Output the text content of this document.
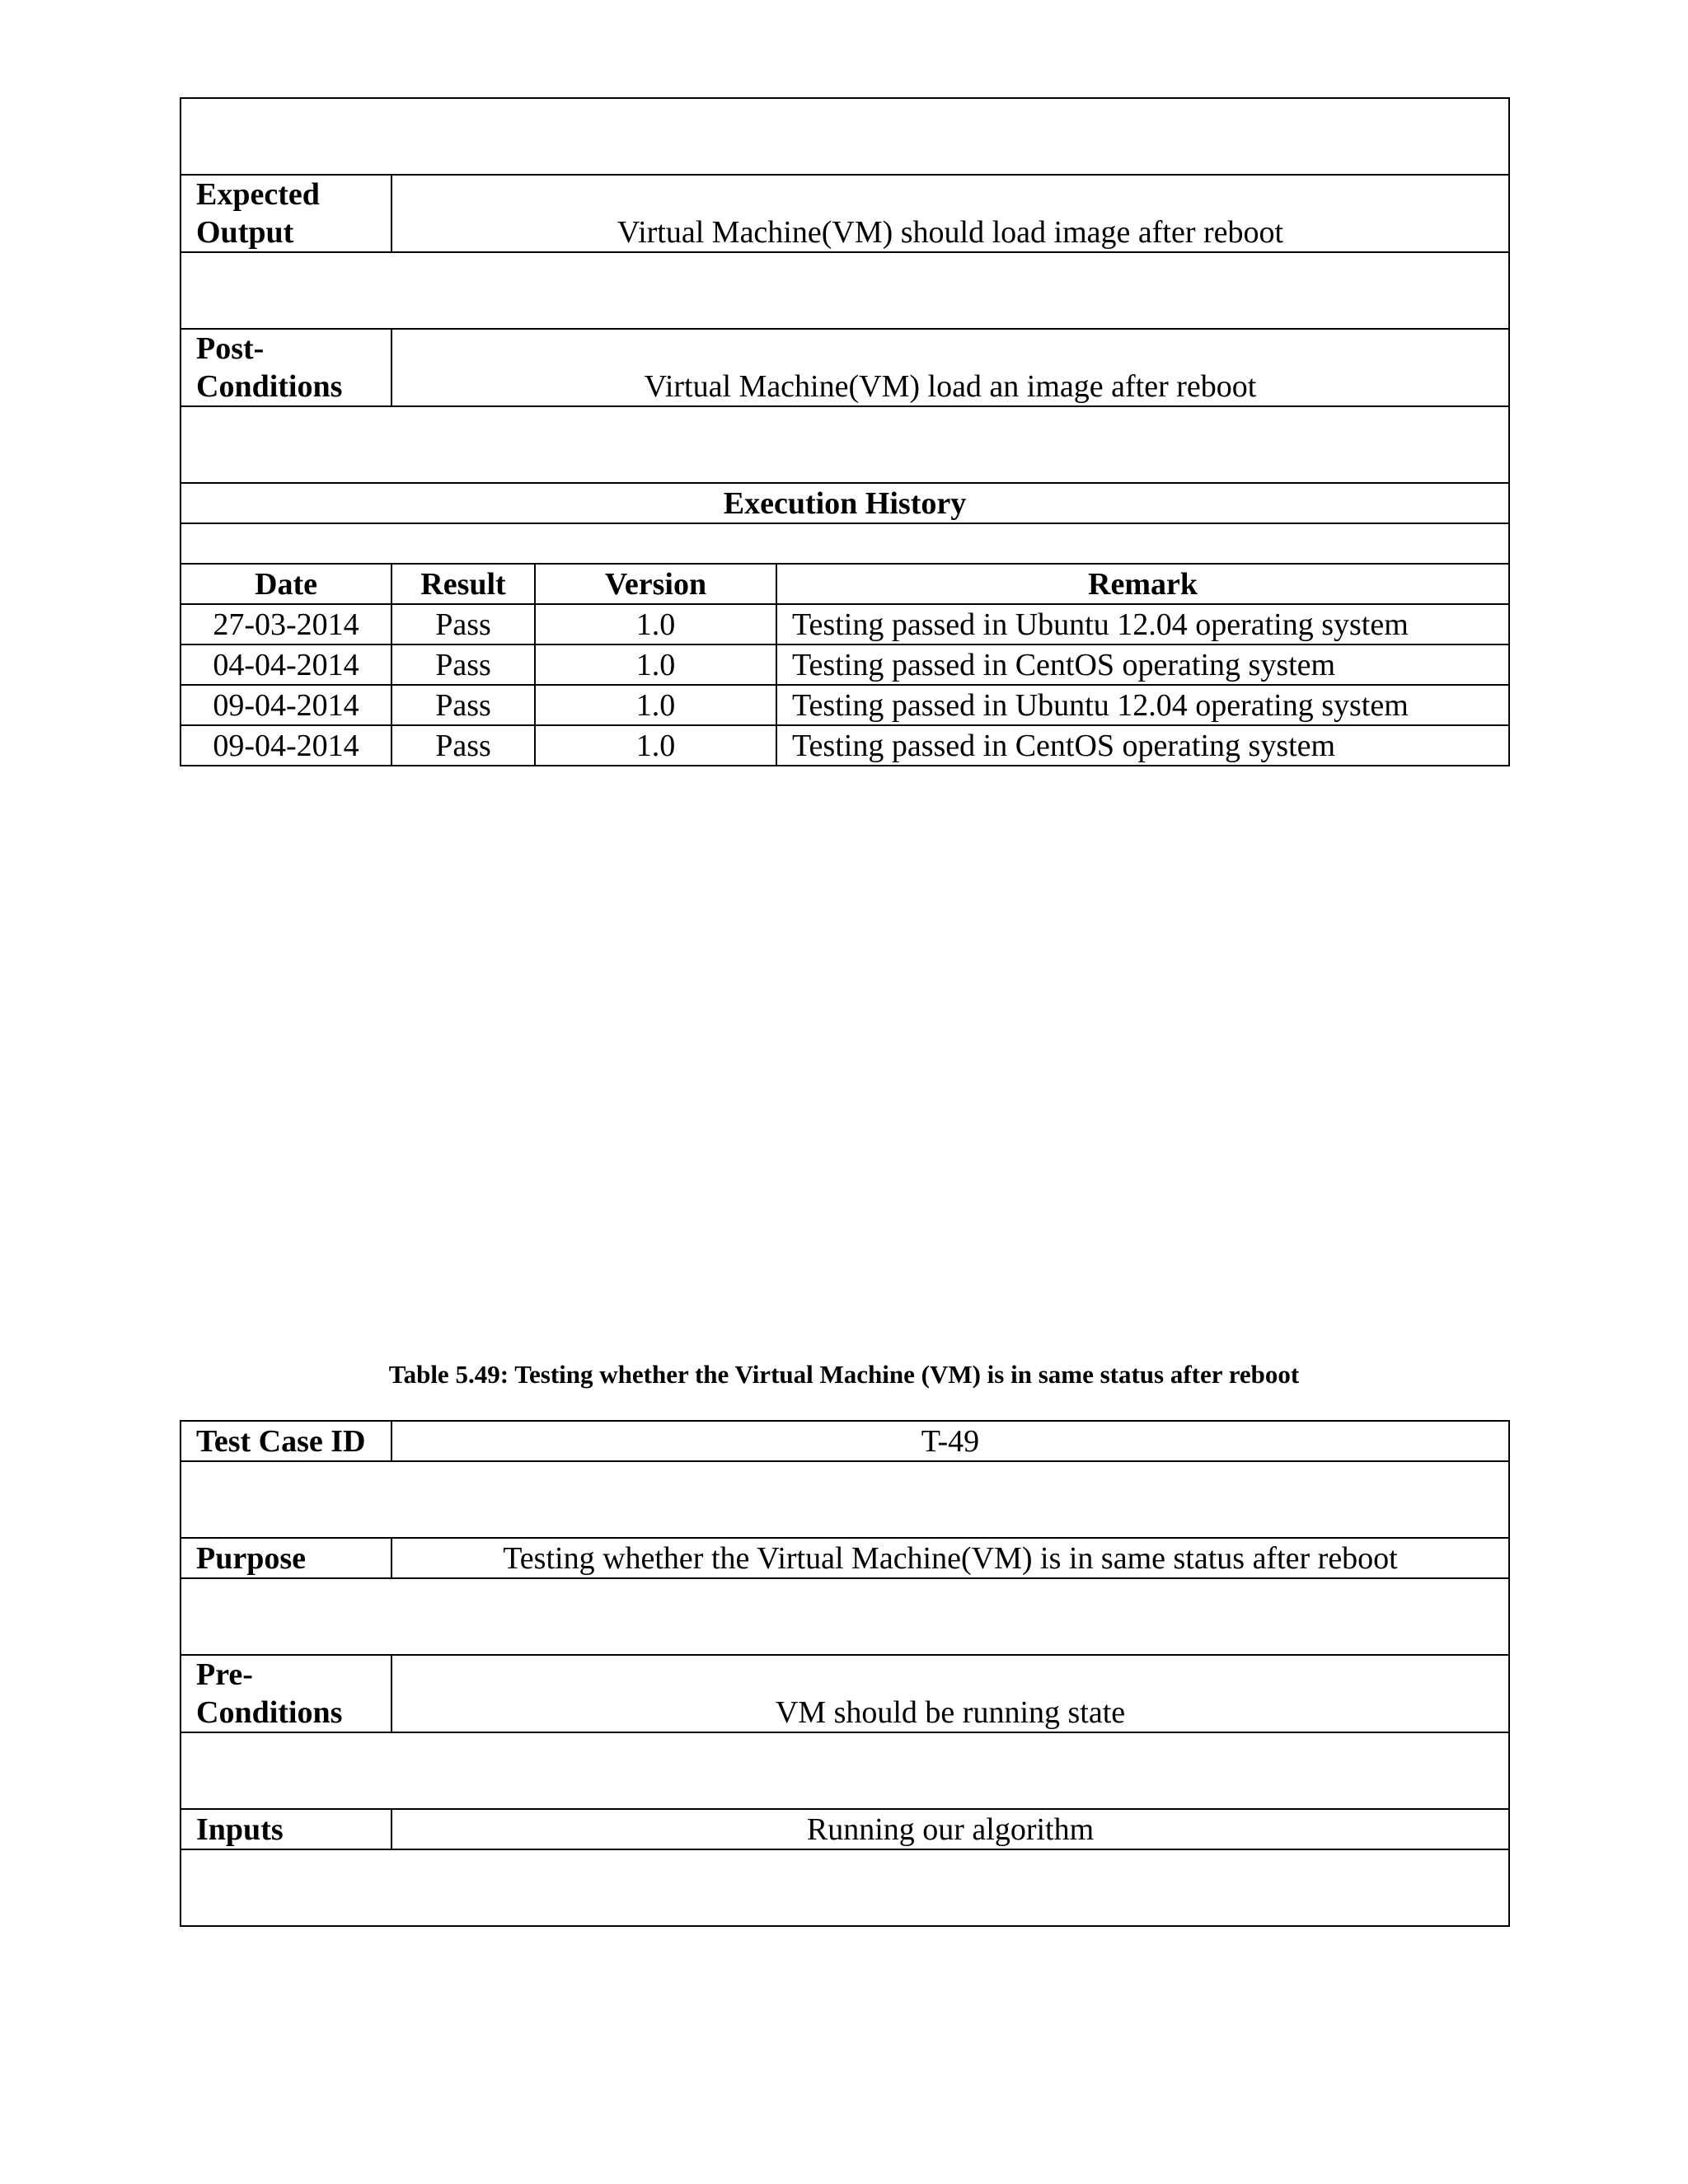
Expected Output	Virtual Machine(VM) should load image after reboot		

Post- Conditions	Virtual Machine(VM) load an image after reboot		

Execution History			

Date	Result	Version	Remark
27-03-2014	Pass	1.0	Testing passed in Ubuntu 12.04 operating system
04-04-2014	Pass	1.0	Testing passed in CentOS operating system
09-04-2014	Pass	1.0	Testing passed in Ubuntu 12.04 operating system
09-04-2014	Pass	1.0	Testing passed in CentOS operating system
Table 5.49: Testing whether the Virtual Machine (VM) is in same status after reboot
Test Case ID	T-49

Purpose	Testing whether the Virtual Machine(VM) is in same status after reboot

Pre- Conditions	VM should be running state

Inputs	Running our algorithm
